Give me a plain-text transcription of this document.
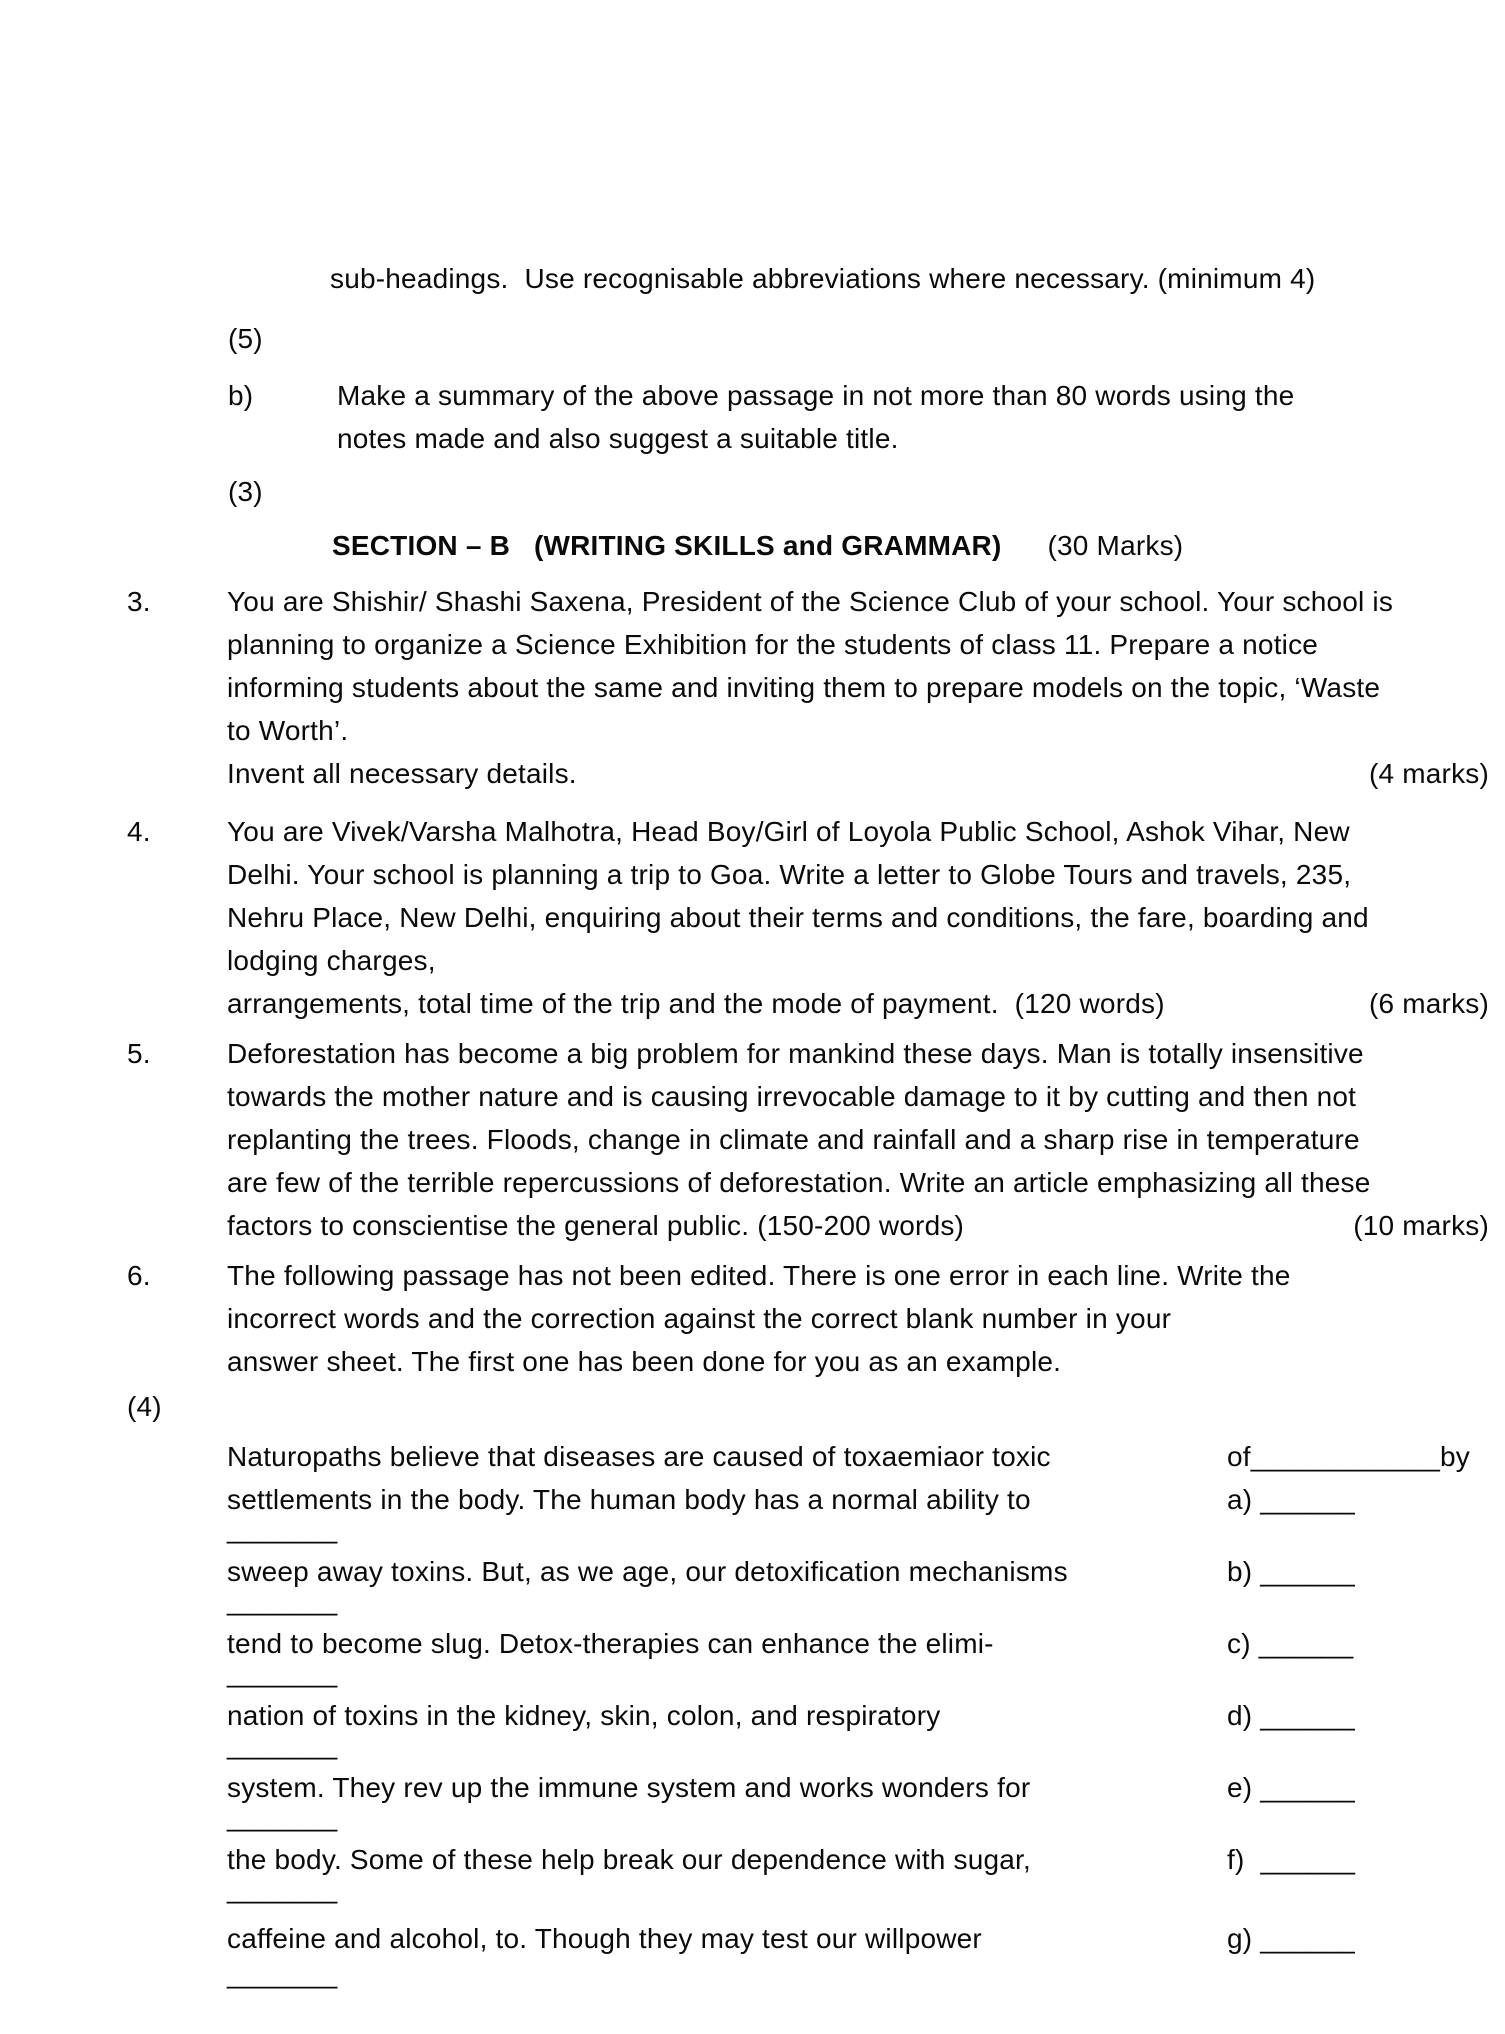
sub-headings.  Use recognisable abbreviations where necessary. (minimum 4)
(5)
b)	Make a summary of the above passage in not more than 80 words using the
notes made and also suggest a suitable title.
(3)
SECTION – B   (WRITING SKILLS and GRAMMAR) (30 Marks)
3.	You are Shishir/ Shashi Saxena, President of the Science Club of your school. Your school is
planning to organize a Science Exhibition for the students of class 11. Prepare a notice
informing students about the same and inviting them to prepare models on the topic, ‘Waste
to Worth’.
Invent all necessary details.	(4 marks)
4.	You are Vivek/Varsha Malhotra, Head Boy/Girl of Loyola Public School, Ashok Vihar, New
Delhi. Your school is planning a trip to Goa. Write a letter to Globe Tours and travels, 235,
Nehru Place, New Delhi, enquiring about their terms and conditions, the fare, boarding and
lodging charges,
arrangements, total time of the trip and the mode of payment.  (120 words)	(6 marks)
5.	Deforestation has become a big problem for mankind these days. Man is totally insensitive
towards the mother nature and is causing irrevocable damage to it by cutting and then not
replanting the trees. Floods, change in climate and rainfall and a sharp rise in temperature
are few of the terrible repercussions of deforestation. Write an article emphasizing all these
factors to conscientise the general public. (150-200 words)	(10 marks)
6.	The following passage has not been edited. There is one error in each line. Write the
incorrect words and the correction against the correct blank number in your
answer sheet. The first one has been done for you as an example.
(4)
Naturopaths believe that diseases are caused of toxaemiaor toxic	of____________by
settlements in the body. The human body has a normal ability to	a) ______
_______
sweep away toxins. But, as we age, our detoxification mechanisms	b) ______
_______
tend to become slug. Detox-therapies can enhance the elimi-	c) ______
_______
nation of toxins in the kidney, skin, colon, and respiratory	d) ______
_______
system. They rev up the immune system and works wonders for	e) ______
_______
the body. Some of these help break our dependence with sugar,	f)  ______
_______
caffeine and alcohol, to. Though they may test our willpower	g) ______
_______
